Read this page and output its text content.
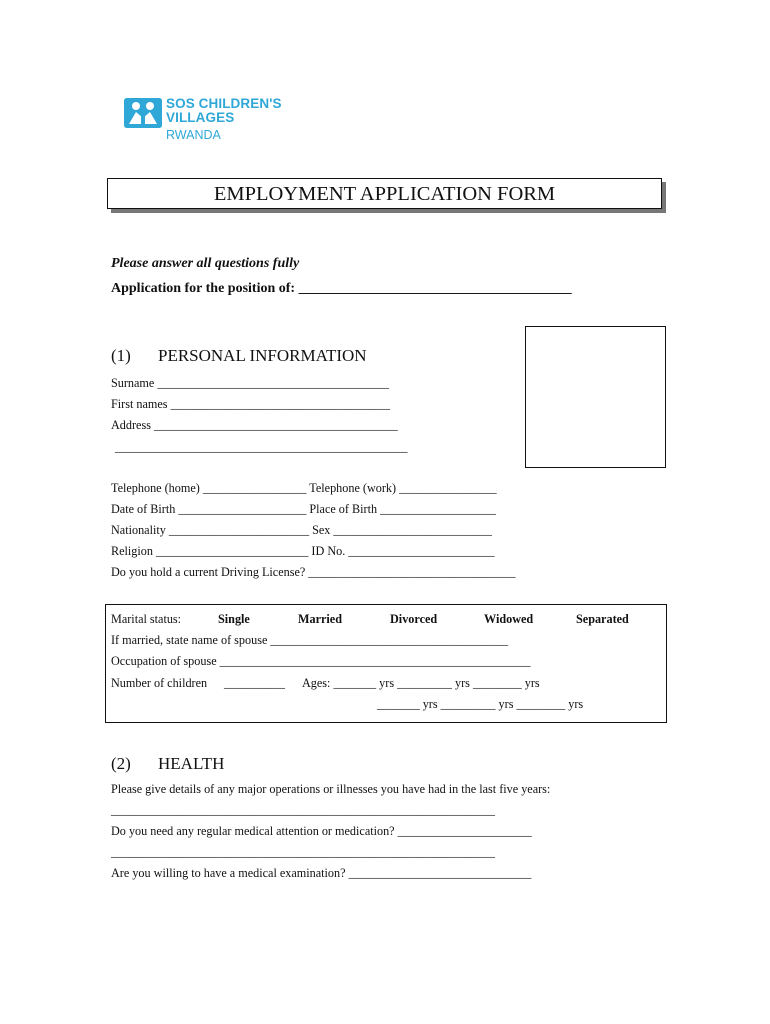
SOS CHILDREN'S
VILLAGES
RWANDA
EMPLOYMENT APPLICATION FORM
Please answer all questions fully
Application for the position of: _______________________________________
(1) PERSONAL INFORMATION
Surname ______________________________________
First names ____________________________________
Address ________________________________________
________________________________________________
Telephone (home) _________________ Telephone (work) ________________
Date of Birth _____________________ Place of Birth ___________________
Nationality _______________________ Sex __________________________
Religion _________________________ ID No. ________________________
Do you hold a current Driving License? __________________________________
Marital status:	Single	Married	Divorced	Widowed	Separated
If married, state name of spouse _______________________________________
Occupation of spouse ___________________________________________________
Number of children __________ Ages: _______ yrs _________ yrs ________ yrs
_______ yrs _________ yrs ________ yrs
(2) HEALTH
Please give details of any major operations or illnesses you have had in the last five years:
_______________________________________________________________
Do you need any regular medical attention or medication? ______________________
_______________________________________________________________
Are you willing to have a medical examination? ______________________________
